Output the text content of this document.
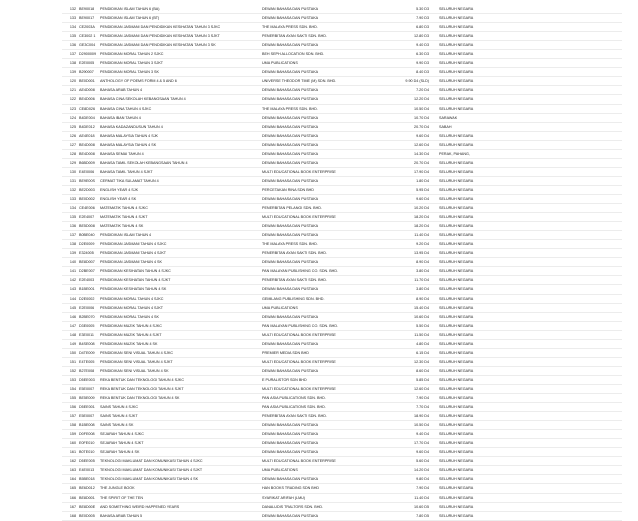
132 BE90018	PENDIDIKAN ISLAM TAHUN 6 (BA)	DEWAN BAHASA DAN PUSTAKA	5.30 D3	SELURUH NEGARA
133 BE90017	PENDIDIKAN ISLAM TAHUN 6 (BT)	DEWAN BAHASA DAN PUSTAKA	7.90 D3	SELURUH NEGARA
134 CE2003A	PENDIDIKAN JASMANI DAN PENDIDIKAN KESIHATAN TAHUN 3 SJKC	THE MALAYA PRESS SDN. BHD.	6.80 D3	SELURUH NEGARA
135 CE3002 1	PENDIDIKAN JASMANI DAN PENDIDIKAN KESIHATAN TAHUN 3 SJKT	PENERBITAN AYAN SAKTI SDN. BHD.	12.80 D3	SELURUH NEGARA
136 GE3C004	PENDIDIKAN JASMANI DAN PENDIDIKAN KESIHATAN TAHUN 3 SK	DEWAN BAHASA DAN PUSTAKA	9.40 D3	SELURUH NEGARA
137 D2900009	PENDIDIKAN MORAL TAHUN 2 SJKC	BEH SEPH ALLOCATION SDN. BHD.	6.30 D3	SELURUH NEGARA
138 E2E0005	PENDIDIKAN MORAL TAHUN 3 SJKT	UMA PUBLICATIONS	9.90 D3	SELURUH NEGARA
139 B290007	PENDIDIKAN MORAL TAHUN 3 SK	DEWAN BAHASA DAN PUSTAKA	8.40 D3	SELURUH NEGARA
120 BE0D001	ANTHOLOGY OF POEMS FORM 4 & 5 AND 6	UNIVERSE THEODOR TIME (M) SDN. BHD.	9.90 D4 (SLD)	SELURUH NEGARA
121 AE4D008	BAHASA ARAB TAHUN 4	DEWAN BAHASA DAN PUSTAKA	7.20 D4	SELURUH NEGARA
122 BE4D006	BAHASA CINA SEKOLAH KEBANGSAAN TAHUN 4	DEWAN BAHASA DAN PUSTAKA	12.20 D4	SELURUH NEGARA
123 CE8D026	BAHASA CINA TAHUN 4 SJKC	THE MALAYA PRESS SDN. BHD.	10.50 D4	SELURUH NEGARA
124 B4DE004	BAHASA IBAN TAHUN 4	DEWAN BAHASA DAN PUSTAKA	10.70 D4	SARAWAK
125 B4DE012	BAHASA KADAZANDUSUN TAHUN 4	DEWAN BAHASA DAN PUSTAKA	20.70 D4	SABAH
126 AE4E018	BAHASA MALAYSIA TAHUN 4 SJK	DEWAN BAHASA DAN PUSTAKA	9.60 D4	SELURUH NEGARA
127 BE4D008	BAHASA MALAYSIA TAHUN 4 SK	DEWAN BAHASA DAN PUSTAKA	12.60 D4	SELURUH NEGARA
128 BE4D008	BAHASA SEMAI TAHUN 4	DEWAN BAHASA DAN PUSTAKA	14.30 D4	PERAK, PAHANG,
129 B6BD009	BAHASA TAMIL SEKOLAH KEBANGSAAN TAHUN 4	DEWAN BAHASA DAN PUSTAKA	20.70 D4	SELURUH NEGARA
130 E4E0006	BAHASA TAMIL TAHUN 4 SJKT	MULTI EDUCATIONAL BOOK ENTERPRISE	17.90 D4	SELURUH NEGARA
131 BE9E00S	CERMAT TIKA SULAMAT TAHUN 4	DEWAN BAHASA DAN PUSTAKA	1.80 D4	SELURUH NEGARA
132 BE2D003	ENGLISH YEAR 4 SJK	PERCETAKAN RINA SDN BHD	5.95 D4	SELURUH NEGARA
133 BE0D002	ENGLISH YEAR 4 SK	DEWAN BAHASA DAN PUSTAKA	9.60 D4	SELURUH NEGARA
134 CE4E006	MATEMATIK TAHUN 4 SJKC	PENERBITAN PELANGI SDN. BHD.	10.20 D4	SELURUH NEGARA
135 E2E4007	MATEMATIK TAHUN 4 SJKT	MULTI EDUCATIONAL BOOK ENTERPRISE	18.20 D4	SELURUH NEGARA
136 BE5D008	MATEMATIK TAHUN 4 SK	DEWAN BAHASA DAN PUSTAKA	18.20 D4	SELURUH NEGARA
137 B0BE040	PENDIDIKAN ISLAM TAHUN 4	DEWAN BAHASA DAN PUSTAKA	11.40 D4	SELURUH NEGARA
138 D2E0009	PENDIDIKAN JASMANI TAHUN 4 SJKC	THE MALAYA PRESS SDN. BHD.	9.20 D4	SELURUH NEGARA
139 E324005	PENDIDIKAN JASMANI TAHUN 4 SJKT	PENERBITAN AYAN SAKTI SDN. BHD.	13.95 D4	SELURUH NEGARA
140 BE8D007	PENDIDIKAN JASMANI TAHUN 4 SK	DEWAN BAHASA DAN PUSTAKA	8.90 D4	SELURUH NEGARA
141 D2BE007	PENDIDIKAN KESIHATAN TAHUN 4 SJKC	PAN MALAYAN PUBLISHING CO. SDN. BHD.	3.80 D4	SELURUH NEGARA
142 E2E4003	PENDIDIKAN KESIHATAN TAHUN 4 SJKT	PENERBITAN AYAN SAKTI SDN. BHD.	11.70 D4	SELURUH NEGARA
143 B1BE001	PENDIDIKAN KESIHATAN TAHUN 4 SK	DEWAN BAHASA DAN PUSTAKA	3.80 D4	SELURUH NEGARA
144 D2E0002	PENDIDIKAN MORAL TAHUN 4 SJKC	GEMILANG PUBLISHING SDN. BHD.	8.90 D4	SELURUH NEGARA
145 E2E0006	PENDIDIKAN MORAL TAHUN 4 SJKT	UMA PUBLICATIONS	15.40 D4	SELURUH NEGARA
146 B2BE070	PENDIDIKAN MORAL TAHUN 4 SK	DEWAN BAHASA DAN PUSTAKA	10.60 D4	SELURUH NEGARA
147 D3E0005	PENDIDIKAN MUZIK TAHUN 4 SJKC	PAN MALAYAN PUBLISHING CO. SDN. BHD.	5.50 D4	SELURUH NEGARA
148 E3E0011	PENDIDIKAN MUZIK TAHUN 4 SJKT	MULTI EDUCATIONAL BOOK ENTERPRISE	11.50 D4	SELURUH NEGARA
149 B4SE008	PENDIDIKAN MUZIK TAHUN 4 SK	DEWAN BAHASA DAN PUSTAKA	4.80 D4	SELURUH NEGARA
150 D4TE009	PENDIDIKAN SENI VISUAL TAHUN 4 SJKC	PREMIER MEDIA SDN BHD	6.15 D4	SELURUH NEGARA
151 E4TE005	PENDIDIKAN SENI VISUAL TAHUN 4 SJKT	MULTI EDUCATIONAL BOOK ENTERPRISE	12.30 D4	SELURUH NEGARA
152 B27E008	PENDIDIKAN SENI VISUAL TAHUN 4 SK	DEWAN BAHASA DAN PUSTAKA	8.60 D4	SELURUH NEGARA
153 D5EE003	REKA BENTUK DAN TEKNOLOGI TAHUN 4 SJKC	E PURALISTOR SDN BHD	5.85 D4	SELURUH NEGARA
154 E5E0007	REKA BENTUK DAN TEKNOLOGI TAHUN 4 SJKT	MULTI EDUCATIONAL BOOK ENTERPRISE	12.60 D4	SELURUH NEGARA
155 BE5E009	REKA BENTUK DAN TEKNOLOGI TAHUN 4 SK	PAN ASIA PUBLICATIONS SDN. BHD.	7.90 D4	SELURUH NEGARA
156 D5EE001	SAINS TAHUN 4 SJKC	PAN ASIA PUBLICATIONS SDN. BHD.	7.70 D4	SELURUH NEGARA
157 E5E0007	SAINS TAHUN 4 SJKT	PENERBITAN AYAN SAKTI SDN. BHD.	18.90 D4	SELURUH NEGARA
158 B1BE008	SAINS TAHUN 4 SK	DEWAN BAHASA DAN PUSTAKA	10.50 D4	SELURUH NEGARA
159 D0FE008	SEJARAH TAHUN 4 SJKC	DEWAN BAHASA DAN PUSTAKA	9.40 D4	SELURUH NEGARA
160 E0FE010	SEJARAH TAHUN 4 SJKT	DEWAN BAHASA DAN PUSTAKA	17.70 D4	SELURUH NEGARA
161 B0TE010	SEJARAH TAHUN 4 SK	DEWAN BAHASA DAN PUSTAKA	9.60 D4	SELURUH NEGARA
162 D5EE005	TEKNOLOGI MAKLUMAT DAN KOMUNIKASI TAHUN 4 SJKC	MULTI EDUCATIONAL BOOK ENTERPRISE	5.60 D4	SELURUH NEGARA
163 E4E0013	TEKNOLOGI MAKLUMAT DAN KOMUNIKASI TAHUN 4 SJKT	UMA PUBLICATIONS	14.20 D4	SELURUH NEGARA
164 B5BE018	TEKNOLOGI MAKLUMAT DAN KOMUNIKASI TAHUN 4 SK	DEWAN BAHASA DAN PUSTAKA	9.80 D4	SELURUH NEGARA
165 BE6D012	THE JUNGLE BOOK	HAN BOOKS TRADING SDN BHD	7.90 D4	SELURUH NEGARA
166 BE8D001	THE SPIRIT OF THE TEN	SYARIKAT ARIFAH (LMU)	11.40 D4	SELURUH NEGARA
167 BE8D00E	AND SOMETHING WEIRD HAPPENED YEARS	DANALUDIS TRALTORS SDN. BHD.	10.60 D5	SELURUH NEGARA
168 BE0D005	BAHASA ARAB TAHUN 5	DEWAN BAHASA DAN PUSTAKA	7.80 D5	SELURUH NEGARA
